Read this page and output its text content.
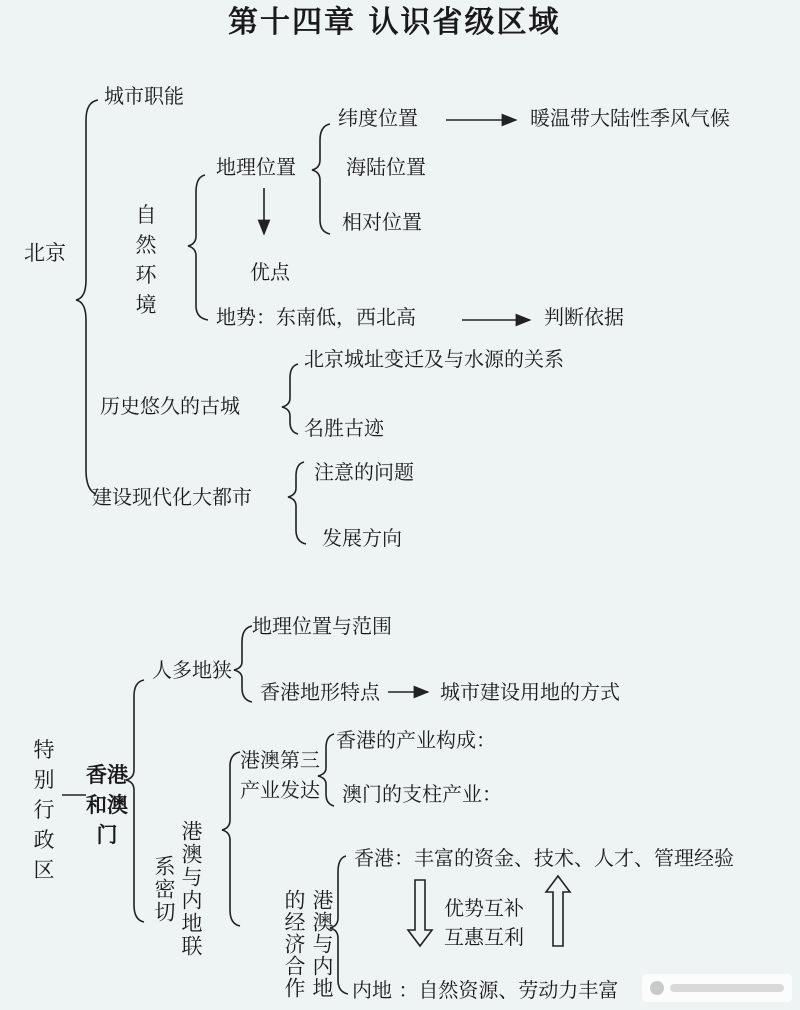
第十四章 认识省级区域
北京
城市职能
自然环境
地理位置
纬度位置	暖温带大陆性季风气候
海陆位置
相对位置
优点
地势：东南低，西北高	判断依据
历史悠久的古城
北京城址变迁及与水源的关系
名胜古迹
建设现代化大都市
注意的问题
发展方向
特别行政区
香港和澳门
人多地狭
地理位置与范围
香港地形特点	城市建设用地的方式
港澳第三产业发达
香港的产业构成：
澳门的支柱产业：
港澳与内地联系密切	港澳与内地的经济合作
香港：丰富的资金、技术、人才、管理经验
优势互补
互惠互利
内地 ：自然资源、劳动力丰富
